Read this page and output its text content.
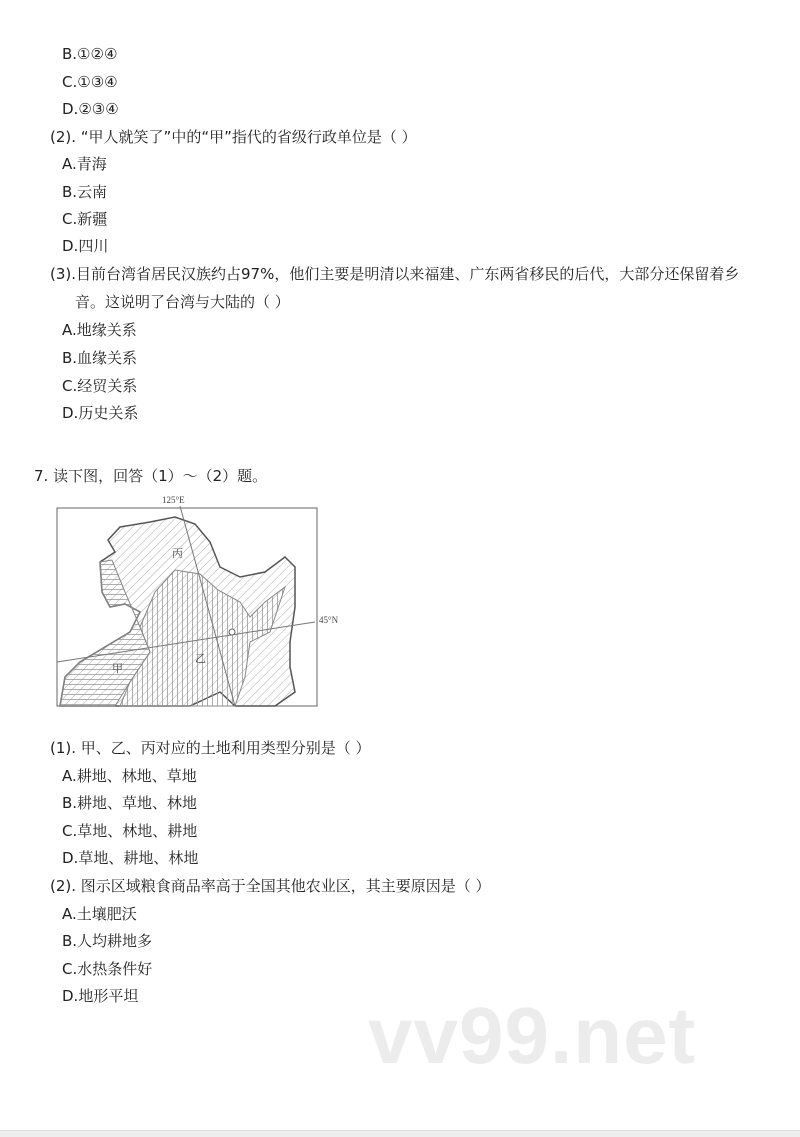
B.①②④
C.①③④
D.②③④
(2). “甲人就笑了”中的“甲”指代的省级行政单位是（ ）
A.青海
B.云南
C.新疆
D.四川
(3).目前台湾省居民汉族约占97%，他们主要是明清以来福建、广东两省移民的后代，大部分还保留着乡
音。这说明了台湾与大陆的（ ）
A.地缘关系
B.血缘关系
C.经贸关系
D.历史关系
7. 读下图，回答（1）～（2）题。
125°E
45°N
甲
乙
丙
(1). 甲、乙、丙对应的土地利用类型分别是（ ）
A.耕地、林地、草地
B.耕地、草地、林地
C.草地、林地、耕地
D.草地、耕地、林地
(2). 图示区域粮食商品率高于全国其他农业区，其主要原因是（ ）
A.土壤肥沃
B.人均耕地多
C.水热条件好
D.地形平坦	vv99.net
